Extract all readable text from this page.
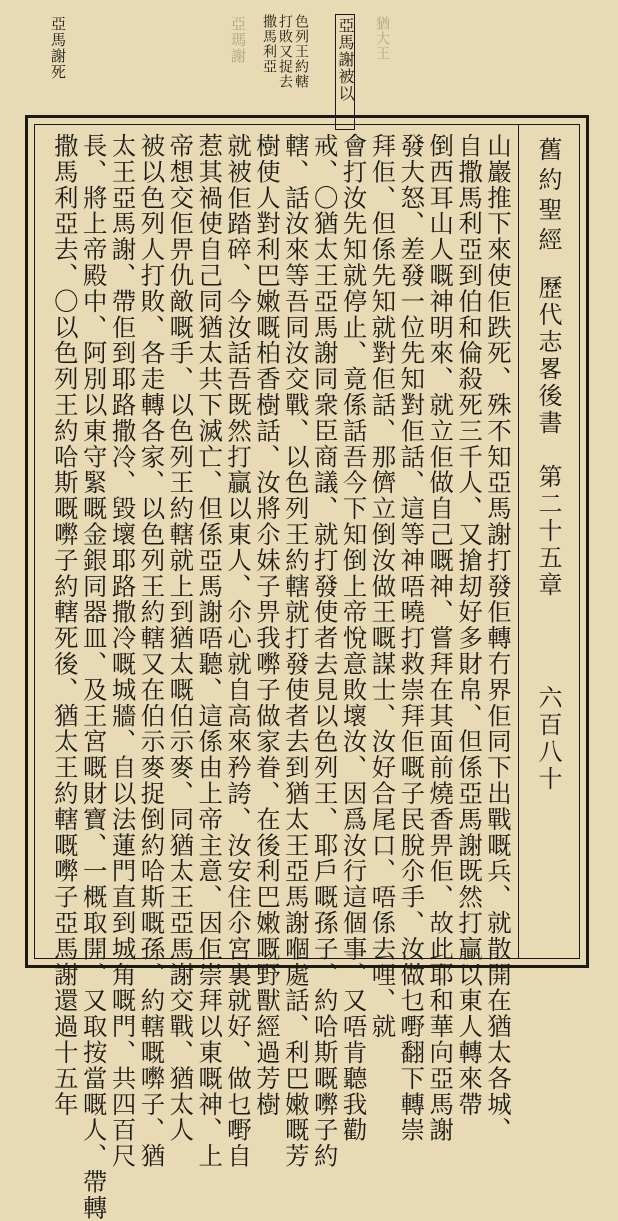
亞馬謝死	亞瑪謝	色列王約轄
打敗又捉去
撒馬利亞	亞馬謝被以 猶大王
舊約聖經
歷代志畧後書　第二十五章
六百八十
山巖推下來使佢跌死、殊不知亞馬謝打發佢轉冇界佢同下出戰嘅兵、就散開在猶太各城、
自撒馬利亞到伯和倫殺死三千人、又搶刧好多財帛、但係亞馬謝既然打贏以東人轉來帶
倒西耳山人嘅神明來、就立佢做自己嘅神、嘗拜在其面前燒香畀佢、故此耶和華向亞馬謝
發大怒、差發一位先知對佢話、這等神唔曉打救崇拜佢嘅子民脫尒手、汝做乜嘢翻下轉崇
拜佢、但係先知就對佢話、那儕立倒汝做王嘅謀士、汝好合尾口、唔係去哩、就
會打汝先知就停止、竟係話吾今下知倒上帝悅意敗壞汝、因爲汝行這個事、又唔肯聽我勸
戒、〇猶太王亞馬謝同衆臣商議、就打發使者去見以色列王、耶戶嘅孫子、約哈斯嘅𡃇子約
轄、話汝來等吾同汝交戰、以色列王約轄就打發使者去到猶太王亞馬謝嗰處話、利巴嫩嘅芳
樹使人對利巴嫩嘅柏香樹話、汝將尒妹子畀我𡃇子做家眷、在後利巴嫩嘅野獸經過芳樹
就被佢踏碎、今汝話吾既然打贏以東人、尒心就自高來矜誇、汝安住尒宮裏就好、做乜嘢自
惹其禍使自己同猶太共下滅亡、但係亞馬謝唔聽、這係由上帝主意、因佢崇拜以東嘅神、上
帝想交佢畀仇敵嘅手、以色列王約轄就上到猶太嘅伯示麥、同猶太王亞馬謝交戰、猶太人
被以色列人打敗、各走轉各家、以色列王約轄又在伯示麥捉倒約哈斯嘅孫、約轄嘅𡃇子、猶
太王亞馬謝、帶佢到耶路撒冷、毀壞耶路撒冷嘅城牆、自以法蓮門直到城角嘅門、共四百尺
長、將上帝殿中、阿別以東守緊嘅金銀同器皿、及王宮嘅財寶、一概取開、又取按當嘅人、帶轉
撒馬利亞去、〇以色列王約哈斯嘅𡃇子約轄死後、猶太王約轄嘅𡃇子亞馬謝還過十五年
